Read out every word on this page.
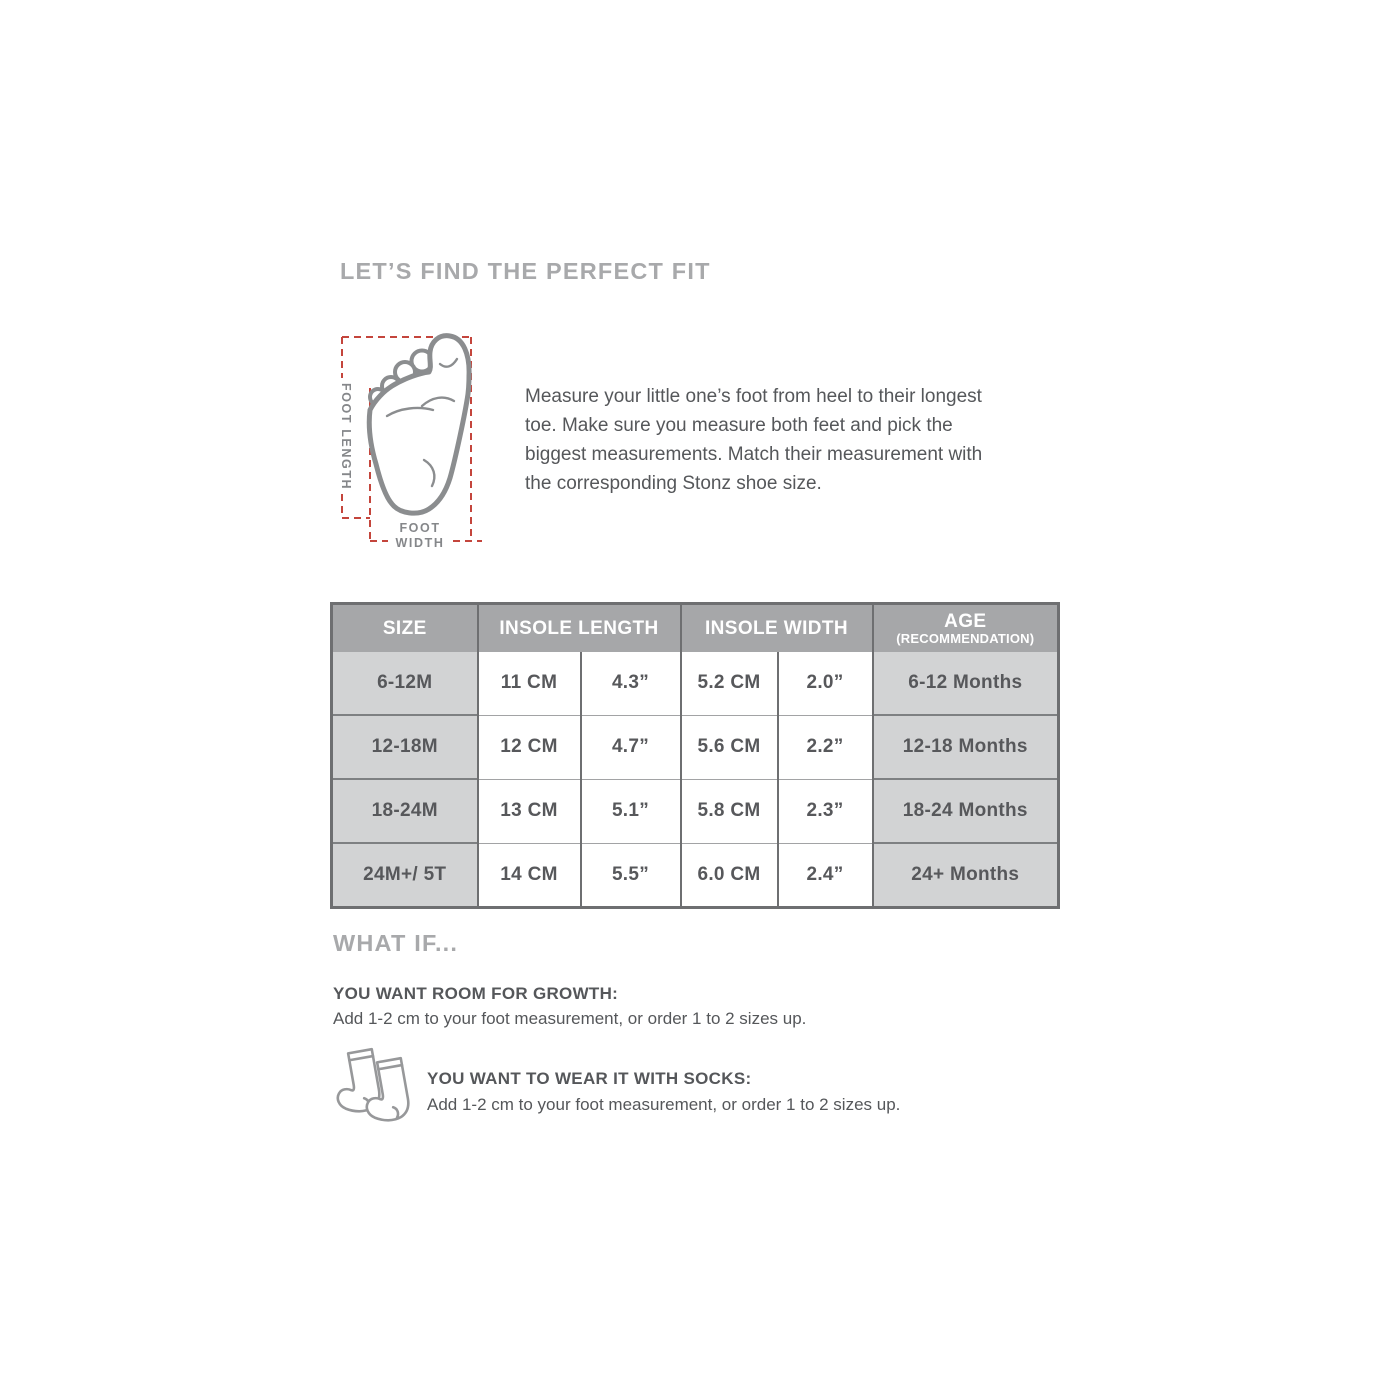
LET’S FIND THE PERFECT FIT
FOOT LENGTH
FOOT
WIDTH
Measure your little one’s foot from heel to their longest
toe. Make sure you measure both feet and pick the
biggest measurements. Match their measurement with
the corresponding Stonz shoe size.
SIZE	INSOLE LENGTH		INSOLE WIDTH		AGE
(RECOMMENDATION)

6-12M	11 CM	4.3”	5.2 CM	2.0”	6-12 Months
12-18M	12 CM	4.7”	5.6 CM	2.2”	12-18 Months
18-24M	13 CM	5.1”	5.8 CM	2.3”	18-24 Months
24M+/ 5T	14 CM	5.5”	6.0 CM	2.4”	24+ Months
WHAT IF...
YOU WANT ROOM FOR GROWTH:
Add 1-2 cm to your foot measurement, or order 1 to 2 sizes up.
YOU WANT TO WEAR IT WITH SOCKS:
Add 1-2 cm to your foot measurement, or order 1 to 2 sizes up.
